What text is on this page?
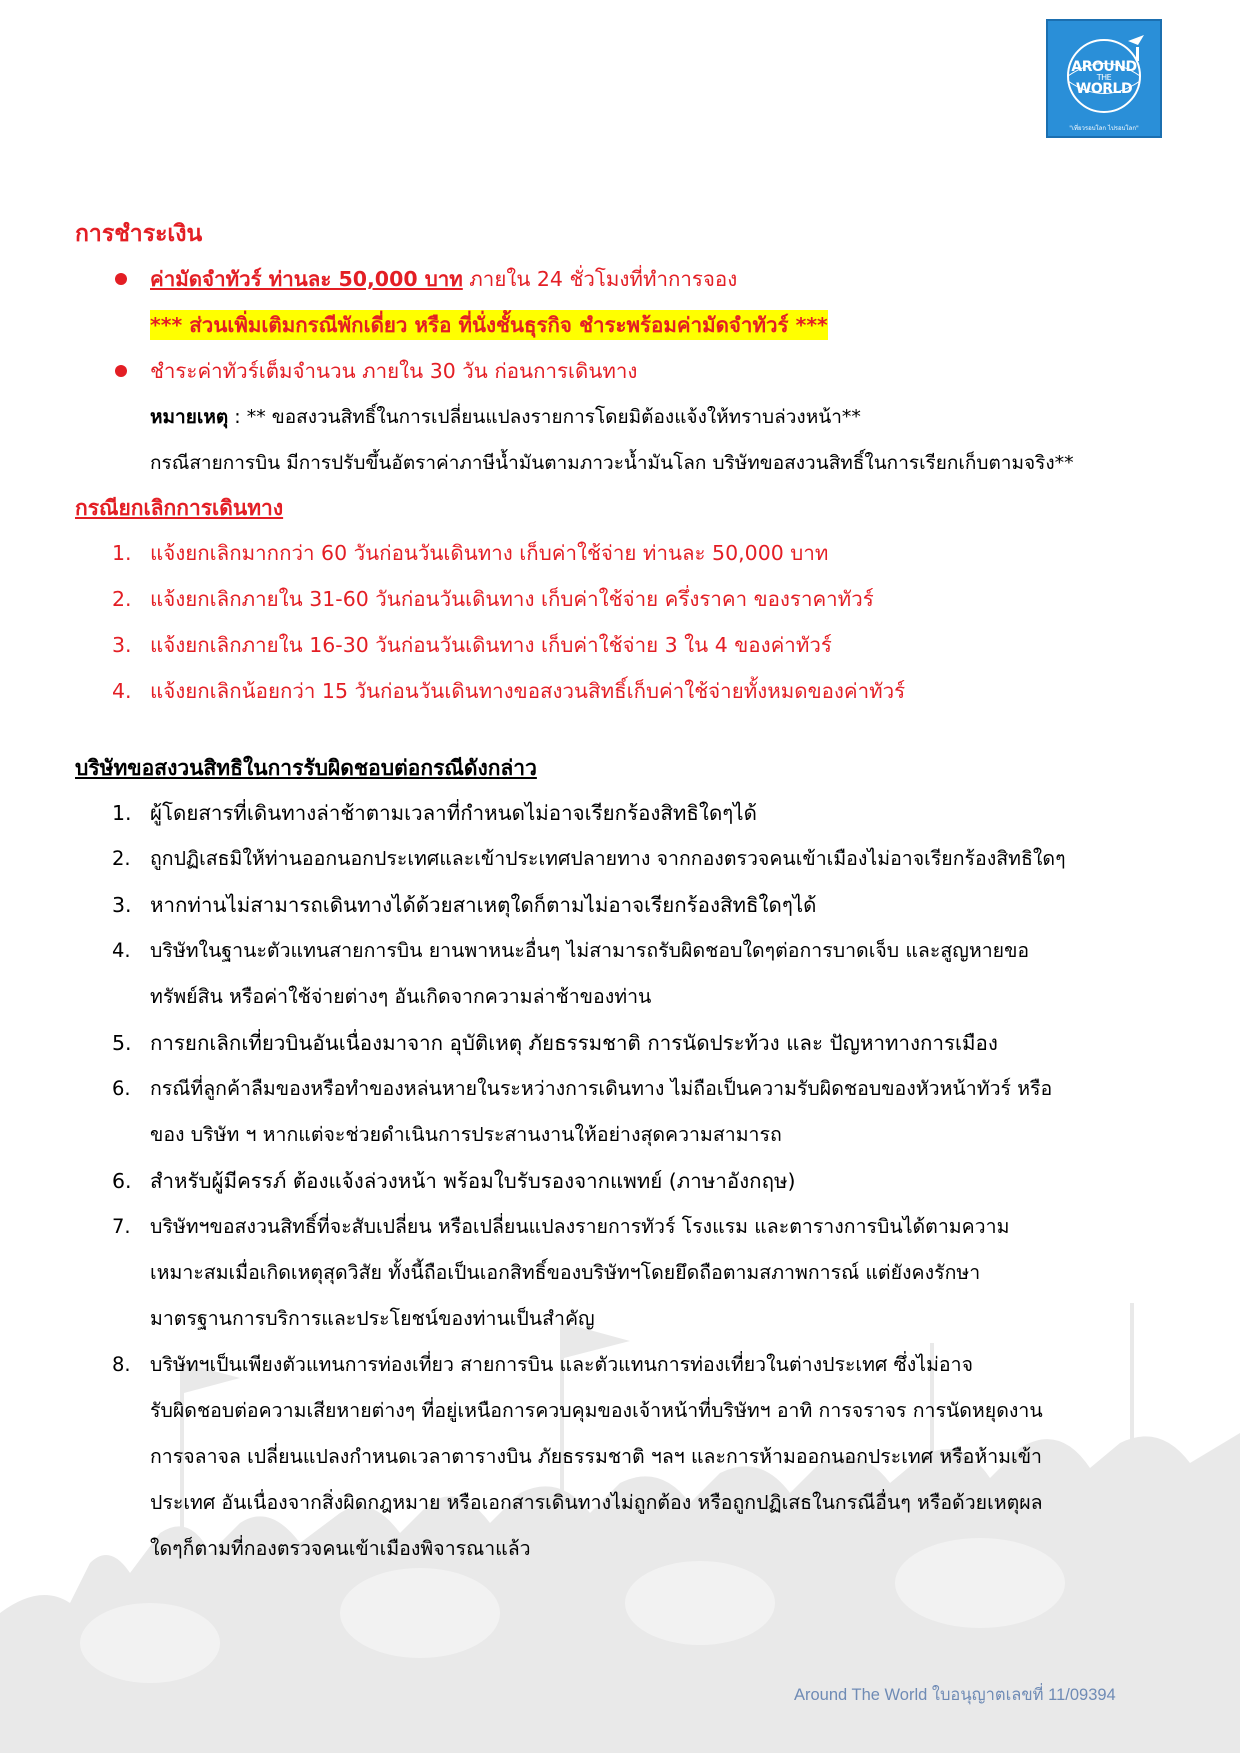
AROUND
THE
WORLD
"เที่ยวรอบโลก ไปรอบโลก"
การชำระเงิน
ค่ามัดจำทัวร์ ท่านละ 50,000 บาท ภายใน 24 ชั่วโมงที่ทำการจอง
*** ส่วนเพิ่มเติมกรณีพักเดี่ยว หรือ ที่นั่งชั้นธุรกิจ ชำระพร้อมค่ามัดจำทัวร์ ***
ชำระค่าทัวร์เต็มจำนวน ภายใน 30 วัน ก่อนการเดินทาง
หมายเหตุ : ** ขอสงวนสิทธิ์ในการเปลี่ยนแปลงรายการโดยมิต้องแจ้งให้ทราบล่วงหน้า**
กรณีสายการบิน มีการปรับขึ้นอัตราค่าภาษีน้ำมันตามภาวะน้ำมันโลก บริษัทขอสงวนสิทธิ์ในการเรียกเก็บตามจริง**
กรณียกเลิกการเดินทาง
1. แจ้งยกเลิกมากกว่า 60 วันก่อนวันเดินทาง เก็บค่าใช้จ่าย ท่านละ 50,000 บาท
2. แจ้งยกเลิกภายใน 31-60 วันก่อนวันเดินทาง เก็บค่าใช้จ่าย ครึ่งราคา ของราคาทัวร์
3. แจ้งยกเลิกภายใน 16-30 วันก่อนวันเดินทาง เก็บค่าใช้จ่าย 3 ใน 4 ของค่าทัวร์
4. แจ้งยกเลิกน้อยกว่า 15 วันก่อนวันเดินทางขอสงวนสิทธิ์เก็บค่าใช้จ่ายทั้งหมดของค่าทัวร์
บริษัทขอสงวนสิทธิในการรับผิดชอบต่อกรณีดังกล่าว
1. ผู้โดยสารที่เดินทางล่าช้าตามเวลาที่กำหนดไม่อาจเรียกร้องสิทธิใดๆได้
2. ถูกปฏิเสธมิให้ท่านออกนอกประเทศและเข้าประเทศปลายทาง จากกองตรวจคนเข้าเมืองไม่อาจเรียกร้องสิทธิใดๆ
3. หากท่านไม่สามารถเดินทางได้ด้วยสาเหตุใดก็ตามไม่อาจเรียกร้องสิทธิใดๆได้
4. บริษัทในฐานะตัวแทนสายการบิน ยานพาหนะอื่นๆ ไม่สามารถรับผิดชอบใดๆต่อการบาดเจ็บ และสูญหายขอ
ทรัพย์สิน หรือค่าใช้จ่ายต่างๆ อันเกิดจากความล่าช้าของท่าน
5. การยกเลิกเที่ยวบินอันเนื่องมาจาก อุบัติเหตุ ภัยธรรมชาติ การนัดประท้วง และ ปัญหาทางการเมือง
6. กรณีที่ลูกค้าลืมของหรือทำของหล่นหายในระหว่างการเดินทาง ไม่ถือเป็นความรับผิดชอบของหัวหน้าทัวร์ หรือ
ของ บริษัท ฯ หากแต่จะช่วยดำเนินการประสานงานให้อย่างสุดความสามารถ
6. สำหรับผู้มีครรภ์ ต้องแจ้งล่วงหน้า พร้อมใบรับรองจากแพทย์ (ภาษาอังกฤษ)
7. บริษัทฯขอสงวนสิทธิ์ที่จะสับเปลี่ยน หรือเปลี่ยนแปลงรายการทัวร์ โรงแรม และตารางการบินได้ตามความ
เหมาะสมเมื่อเกิดเหตุสุดวิสัย ทั้งนี้ถือเป็นเอกสิทธิ์ของบริษัทฯโดยยึดถือตามสภาพการณ์ แต่ยังคงรักษา
มาตรฐานการบริการและประโยชน์ของท่านเป็นสำคัญ
8. บริษัทฯเป็นเพียงตัวแทนการท่องเที่ยว สายการบิน และตัวแทนการท่องเที่ยวในต่างประเทศ ซึ่งไม่อาจ
รับผิดชอบต่อความเสียหายต่างๆ ที่อยู่เหนือการควบคุมของเจ้าหน้าที่บริษัทฯ อาทิ การจราจร การนัดหยุดงาน
การจลาจล เปลี่ยนแปลงกำหนดเวลาตารางบิน ภัยธรรมชาติ ฯลฯ และการห้ามออกนอกประเทศ หรือห้ามเข้า
ประเทศ อันเนื่องจากสิ่งผิดกฎหมาย หรือเอกสารเดินทางไม่ถูกต้อง หรือถูกปฏิเสธในกรณีอื่นๆ หรือด้วยเหตุผล
ใดๆก็ตามที่กองตรวจคนเข้าเมืองพิจารณาแล้ว
Around The World ใบอนุญาตเลขที่ 11/09394
